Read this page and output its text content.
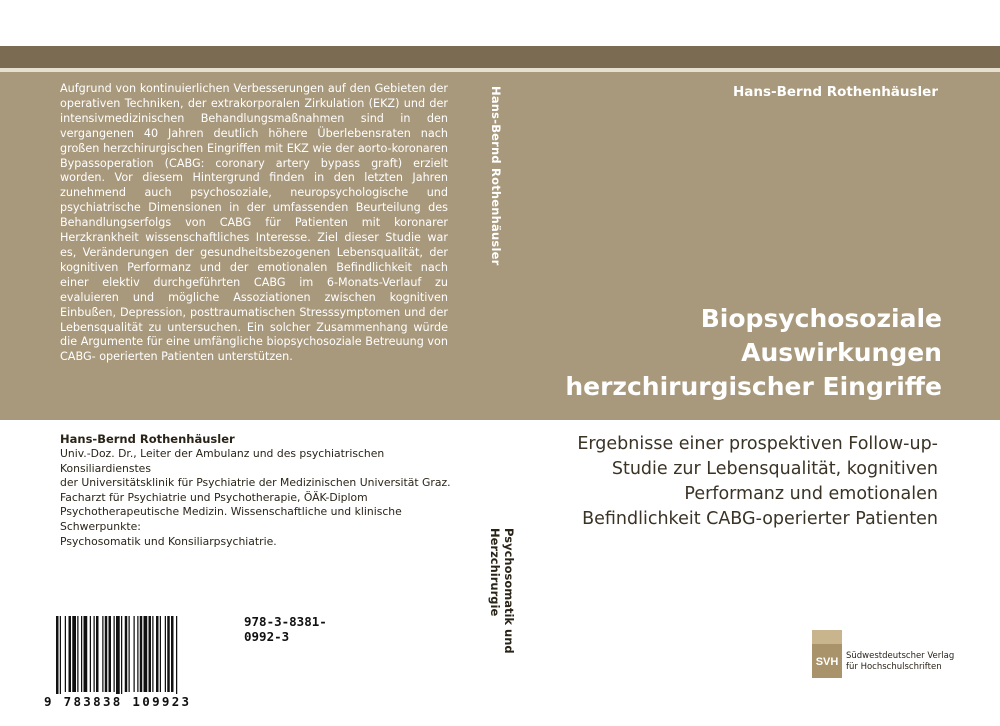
Aufgrund von kontinuierlichen Verbesserungen auf den Gebieten der operativen Techniken, der extrakorporalen Zirkulation (EKZ) und der intensivmedizinischen Behandlungsmaßnahmen sind in den vergangenen 40 Jahren deutlich höhere Überlebensraten nach großen herzchirurgischen Eingriffen mit EKZ wie der aorto-koronaren Bypassoperation (CABG: coronary artery bypass graft) erzielt worden. Vor diesem Hintergrund finden in den letzten Jahren zunehmend auch psychosoziale, neuropsychologische und psychiatrische Dimensionen in der umfassenden Beurteilung des Behandlungserfolgs von CABG für Patienten mit koronarer Herzkrankheit wissenschaftliches Interesse. Ziel dieser Studie war es, Veränderungen der gesundheitsbezogenen Lebensqualität, der kognitiven Performanz und der emotionalen Befindlichkeit nach einer elektiv durchgeführten CABG im 6-Monats-Verlauf zu evaluieren und mögliche Assoziationen zwischen kognitiven Einbußen, Depression, posttraumatischen Stresssymptomen und der Lebensqualität zu untersuchen. Ein solcher Zusammenhang würde die Argumente für eine umfängliche biopsychosoziale Betreuung von CABG- operierten Patienten unterstützen.
Hans-Bernd Rothenhäusler	Hans-Bernd Rothenhäusler
Biopsychosoziale
Auswirkungen
herzchirurgischer Eingriffe
Hans-Bernd Rothenhäusler
Univ.-Doz. Dr., Leiter der Ambulanz und des psychiatrischen Konsiliardienstes
der Universitätsklinik für Psychiatrie der Medizinischen Universität Graz.
Facharzt für Psychiatrie und Psychotherapie, ÖÄK-Diplom
Psychotherapeutische Medizin. Wissenschaftliche und klinische Schwerpunkte:
Psychosomatik und Konsiliarpsychiatrie.	Psychosomatik und Herzchirurgie
Ergebnisse einer prospektiven Follow-up-
Studie zur Lebensqualität, kognitiven
Performanz und emotionalen
Befindlichkeit CABG-operierter Patienten
978-3-8381-0992-3
9 783838 109923
SVH Südwestdeutscher Verlag
für Hochschulschriften
